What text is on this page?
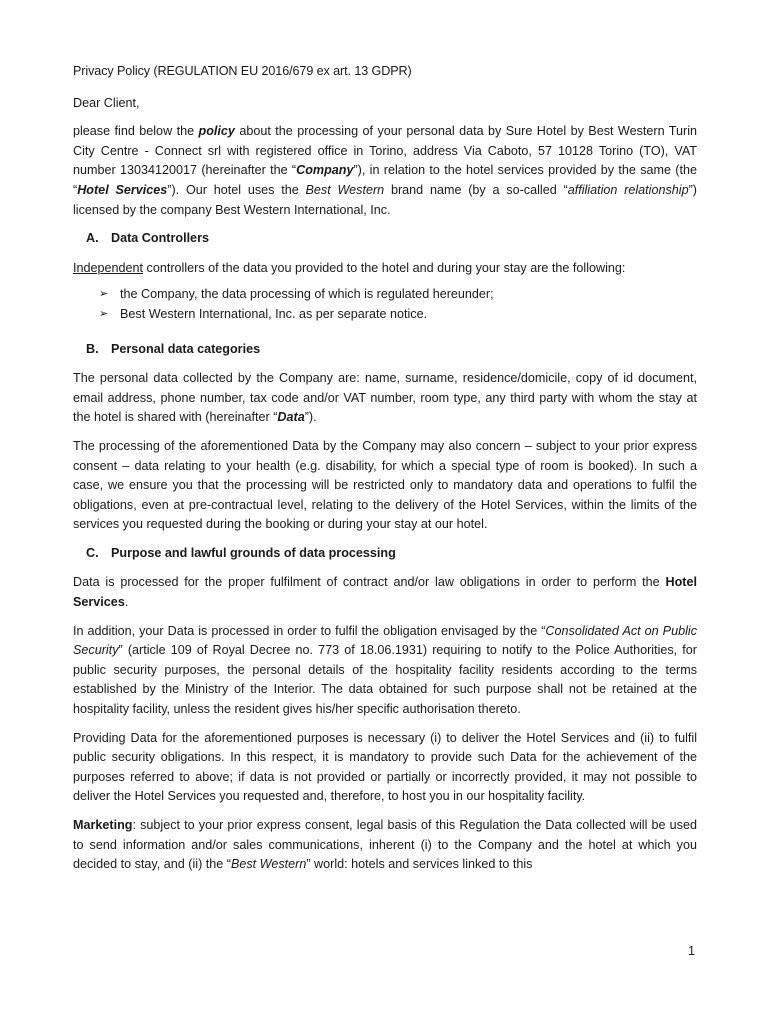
Privacy Policy (REGULATION EU 2016/679 ex art. 13 GDPR)

Dear Client,

please find below the policy about the processing of your personal data by Sure Hotel by Best Western Turin City Centre - Connect srl with registered office in Torino, address Via Caboto, 57 10128 Torino (TO), VAT number 13034120017 (hereinafter the “Company”), in relation to the hotel services provided by the same (the “Hotel Services”). Our hotel uses the Best Western brand name (by a so-called “affiliation relationship”) licensed by the company Best Western International, Inc.

A. Data Controllers

Independent controllers of the data you provided to the hotel and during your stay are the following:

➢ the Company, the data processing of which is regulated hereunder;
➢ Best Western International, Inc. as per separate notice.
B. Personal data categories

The personal data collected by the Company are: name, surname, residence/domicile, copy of id document, email address, phone number, tax code and/or VAT number, room type, any third party with whom the stay at the hotel is shared with (hereinafter “Data”).

The processing of the aforementioned Data by the Company may also concern – subject to your prior express consent – data relating to your health (e.g. disability, for which a special type of room is booked). In such a case, we ensure you that the processing will be restricted only to mandatory data and operations to fulfil the obligations, even at pre-contractual level, relating to the delivery of the Hotel Services, within the limits of the services you requested during the booking or during your stay at our hotel.

C. Purpose and lawful grounds of data processing

Data is processed for the proper fulfilment of contract and/or law obligations in order to perform the Hotel Services.

In addition, your Data is processed in order to fulfil the obligation envisaged by the “Consolidated Act on Public Security” (article 109 of Royal Decree no. 773 of 18.06.1931) requiring to notify to the Police Authorities, for public security purposes, the personal details of the hospitality facility residents according to the terms established by the Ministry of the Interior. The data obtained for such purpose shall not be retained at the hospitality facility, unless the resident gives his/her specific authorisation thereto.

Providing Data for the aforementioned purposes is necessary (i) to deliver the Hotel Services and (ii) to fulfil public security obligations. In this respect, it is mandatory to provide such Data for the achievement of the purposes referred to above; if data is not provided or partially or incorrectly provided, it may not possible to deliver the Hotel Services you requested and, therefore, to host you in our hospitality facility.

Marketing: subject to your prior express consent, legal basis of this Regulation the Data collected will be used to send information and/or sales communications, inherent (i) to the Company and the hotel at which you decided to stay, and (ii) the “Best Western” world: hotels and services linked to this

1
